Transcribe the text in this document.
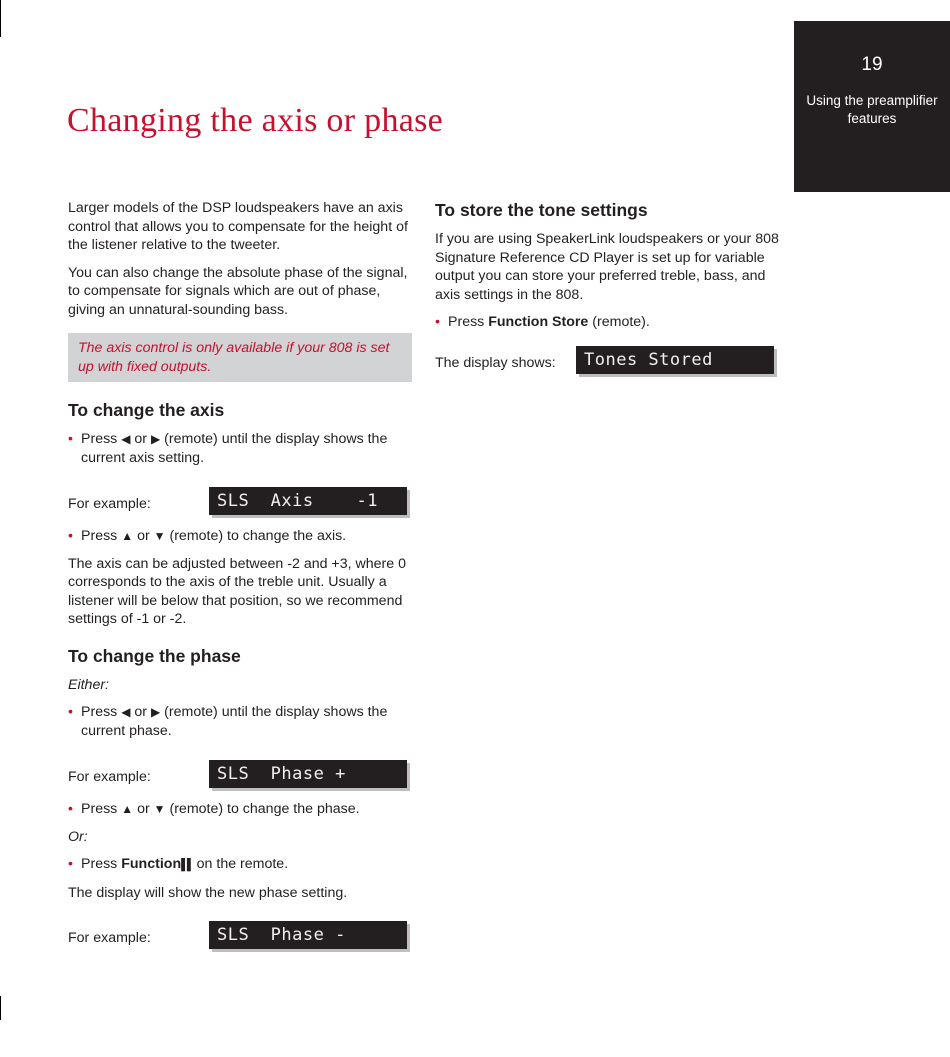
19
Using the preamplifier features
Changing the axis or phase

Larger models of the DSP loudspeakers have an axis control that allows you to compensate for the height of the listener relative to the tweeter.

You can also change the absolute phase of the signal, to compensate for signals which are out of phase, giving an unnatural-sounding bass.

The axis control is only available if your 808 is set up with fixed outputs.
To change the axis
• Press ◀ or ▶ (remote) until the display shows the current axis setting.
For example:	SLS  Axis    -1
• Press ▲ or ▼ (remote) to change the axis.

The axis can be adjusted between -2 and +3, where 0 corresponds to the axis of the treble unit. Usually a listener will be below that position, so we recommend settings of -1 or -2.

To change the phase

Either:

• Press ◀ or ▶ (remote) until the display shows the current phase.
For example:	SLS  Phase +
• Press ▲ or ▼ (remote) to change the phase.

Or:

• Press Function▌▌ on the remote.

The display will show the new phase setting.

For example:	SLS  Phase -
To store the tone settings

If you are using SpeakerLink loudspeakers or your 808 Signature Reference CD Player is set up for variable output you can store your preferred treble, bass, and axis settings in the 808.

• Press Function Store (remote).
The display shows: Tones Stored
